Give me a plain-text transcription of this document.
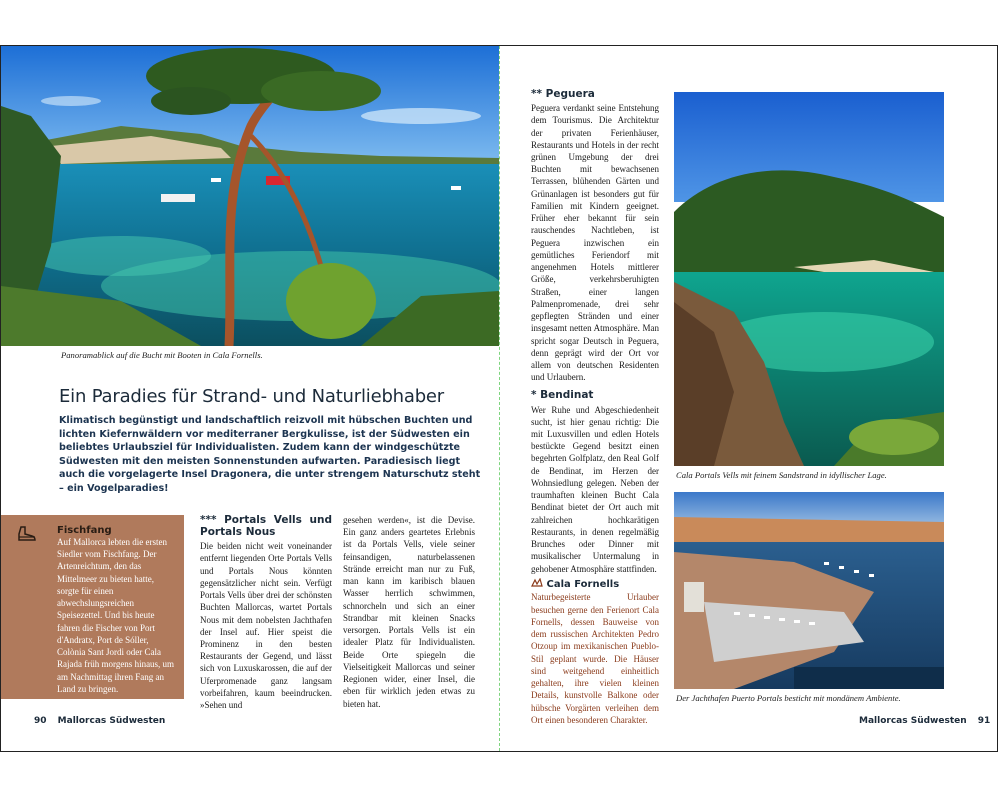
Panoramablick auf die Bucht mit Booten in Cala Fornells.
Ein Paradies für Strand- und Naturliebhaber
Klimatisch begünstigt und landschaftlich reizvoll mit hübschen Buchten und lichten Kiefernwäldern vor mediterraner Bergkulisse, ist der Südwesten ein beliebtes Urlaubsziel für Individualisten. Zudem kann der windgeschützte Südwesten mit den meisten Sonnenstunden aufwarten. Paradiesisch liegt auch die vorgelagerte Insel Dragonera, die unter strengem Naturschutz steht – ein Vogelparadies!
Fischfang
Auf Mallorca lebten die ersten Siedler vom Fischfang. Der Artenreichtum, den das Mittelmeer zu bieten hatte, sorgte für einen abwechslungsreichen Speisezettel. Und bis heute fahren die Fischer von Port d'Andratx, Port de Sóller, Colònia Sant Jordi oder Cala Rajada früh morgens hinaus, um am Nachmittag ihren Fang an Land zu bringen.
*** Portals Vells und Portals Nous
Die beiden nicht weit voneinander entfernt liegenden Orte Portals Vells und Portals Nous könnten gegensätzlicher nicht sein. Verfügt Portals Vells über drei der schönsten Buchten Mallorcas, wartet Portals Nous mit dem nobelsten Jachthafen der Insel auf. Hier speist die Prominenz in den besten Restaurants der Gegend, und lässt sich von Luxuskarossen, die auf der Uferpromenade ganz langsam vorbeifahren, kaum beeindrucken. »Sehen und
gesehen werden«, ist die Devise. Ein ganz anders geartetes Erlebnis ist da Portals Vells, viele seiner feinsandigen, naturbelassenen Strände erreicht man nur zu Fuß, man kann im karibisch blauen Wasser herrlich schwimmen, schnorcheln und sich an einer Strandbar mit kleinen Snacks versorgen. Portals Vells ist ein idealer Platz für Individualisten. Beide Orte spiegeln die Vielseitigkeit Mallorcas und seiner Regionen wider, einer Insel, die eben für wirklich jeden etwas zu bieten hat.
90 Mallorcas Südwesten
** Peguera
Peguera verdankt seine Entstehung dem Tourismus. Die Architektur der privaten Ferienhäuser, Restaurants und Hotels in der recht grünen Umgebung der drei Buchten mit bewachsenen Terrassen, blühenden Gärten und Grünanlagen ist besonders gut für Familien mit Kindern geeignet. Früher eher bekannt für sein rauschendes Nachtleben, ist Peguera inzwischen ein gemütliches Feriendorf mit angenehmen Hotels mittlerer Größe, verkehrsberuhigten Straßen, einer langen Palmenpromenade, drei sehr gepflegten Stränden und einer insgesamt netten Atmosphäre. Man spricht sogar Deutsch in Peguera, denn geprägt wird der Ort vor allem von deutschen Residenten und Urlaubern.
* Bendinat
Wer Ruhe und Abgeschiedenheit sucht, ist hier genau richtig: Die mit Luxusvillen und edlen Hotels bestückte Gegend besitzt einen begehrten Golfplatz, den Real Golf de Bendinat, im Herzen der Wohnsiedlung gelegen. Neben der traumhaften kleinen Bucht Cala Bendinat bietet der Ort auch mit zahlreichen hochkarätigen Restaurants, in denen regelmäßig Brunches oder Dinner mit musikalischer Untermalung in gehobener Atmosphäre stattfinden.
Cala Fornells
Naturbegeisterte Urlauber besuchen gerne den Ferienort Cala Fornells, dessen Bauweise von dem russischen Architekten Pedro Otzoup im mexikanischen Pueblo-Stil geplant wurde. Die Häuser sind weitgehend einheitlich gehalten, ihre vielen kleinen Details, kunstvolle Balkone oder hübsche Vorgärten verleihen dem Ort einen besonderen Charakter.
Cala Portals Vells mit feinem Sandstrand in idyllischer Lage.
Der Jachthafen Puerto Portals besticht mit mondänem Ambiente.
Mallorcas Südwesten 91
